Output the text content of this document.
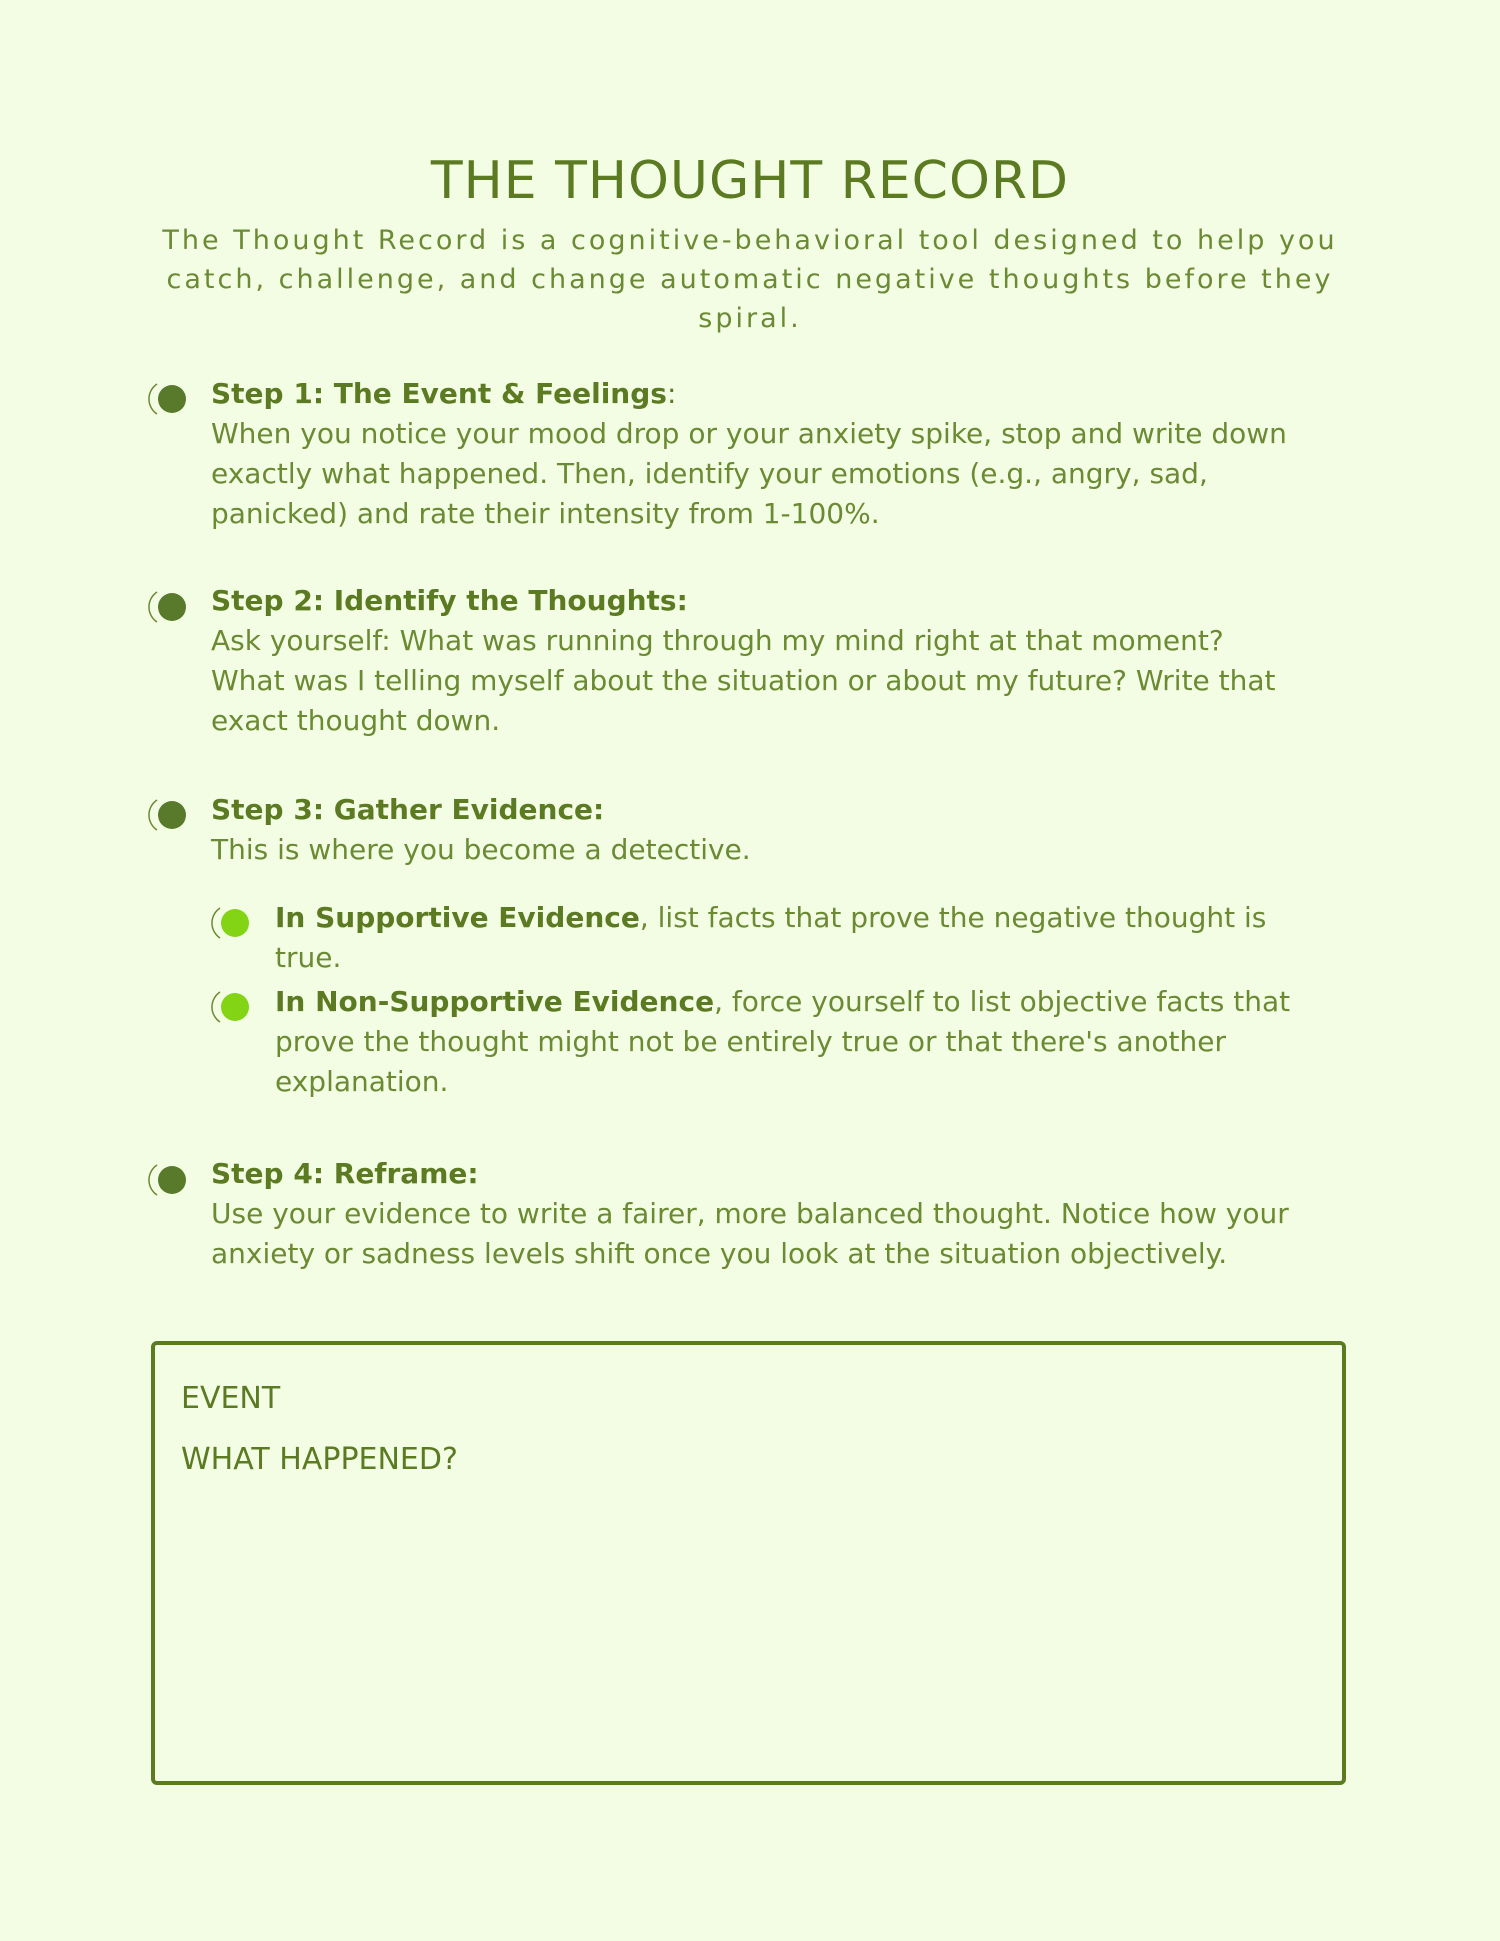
THE THOUGHT RECORD

The Thought Record is a cognitive-behavioral tool designed to help you catch, challenge, and change automatic negative thoughts before they spiral.

Step 1: The Event & Feelings:
When you notice your mood drop or your anxiety spike, stop and write down
exactly what happened. Then, identify your emotions (e.g., angry, sad,
panicked) and rate their intensity from 1-100%.
Step 2: Identify the Thoughts:
Ask yourself: What was running through my mind right at that moment?
What was I telling myself about the situation or about my future? Write that
exact thought down.
Step 3: Gather Evidence:
This is where you become a detective.
In Supportive Evidence, list facts that prove the negative thought is
true.
In Non-Supportive Evidence, force yourself to list objective facts that
prove the thought might not be entirely true or that there's another
explanation.
Step 4: Reframe:
Use your evidence to write a fairer, more balanced thought. Notice how your
anxiety or sadness levels shift once you look at the situation objectively.
EVENT
WHAT HAPPENED?
